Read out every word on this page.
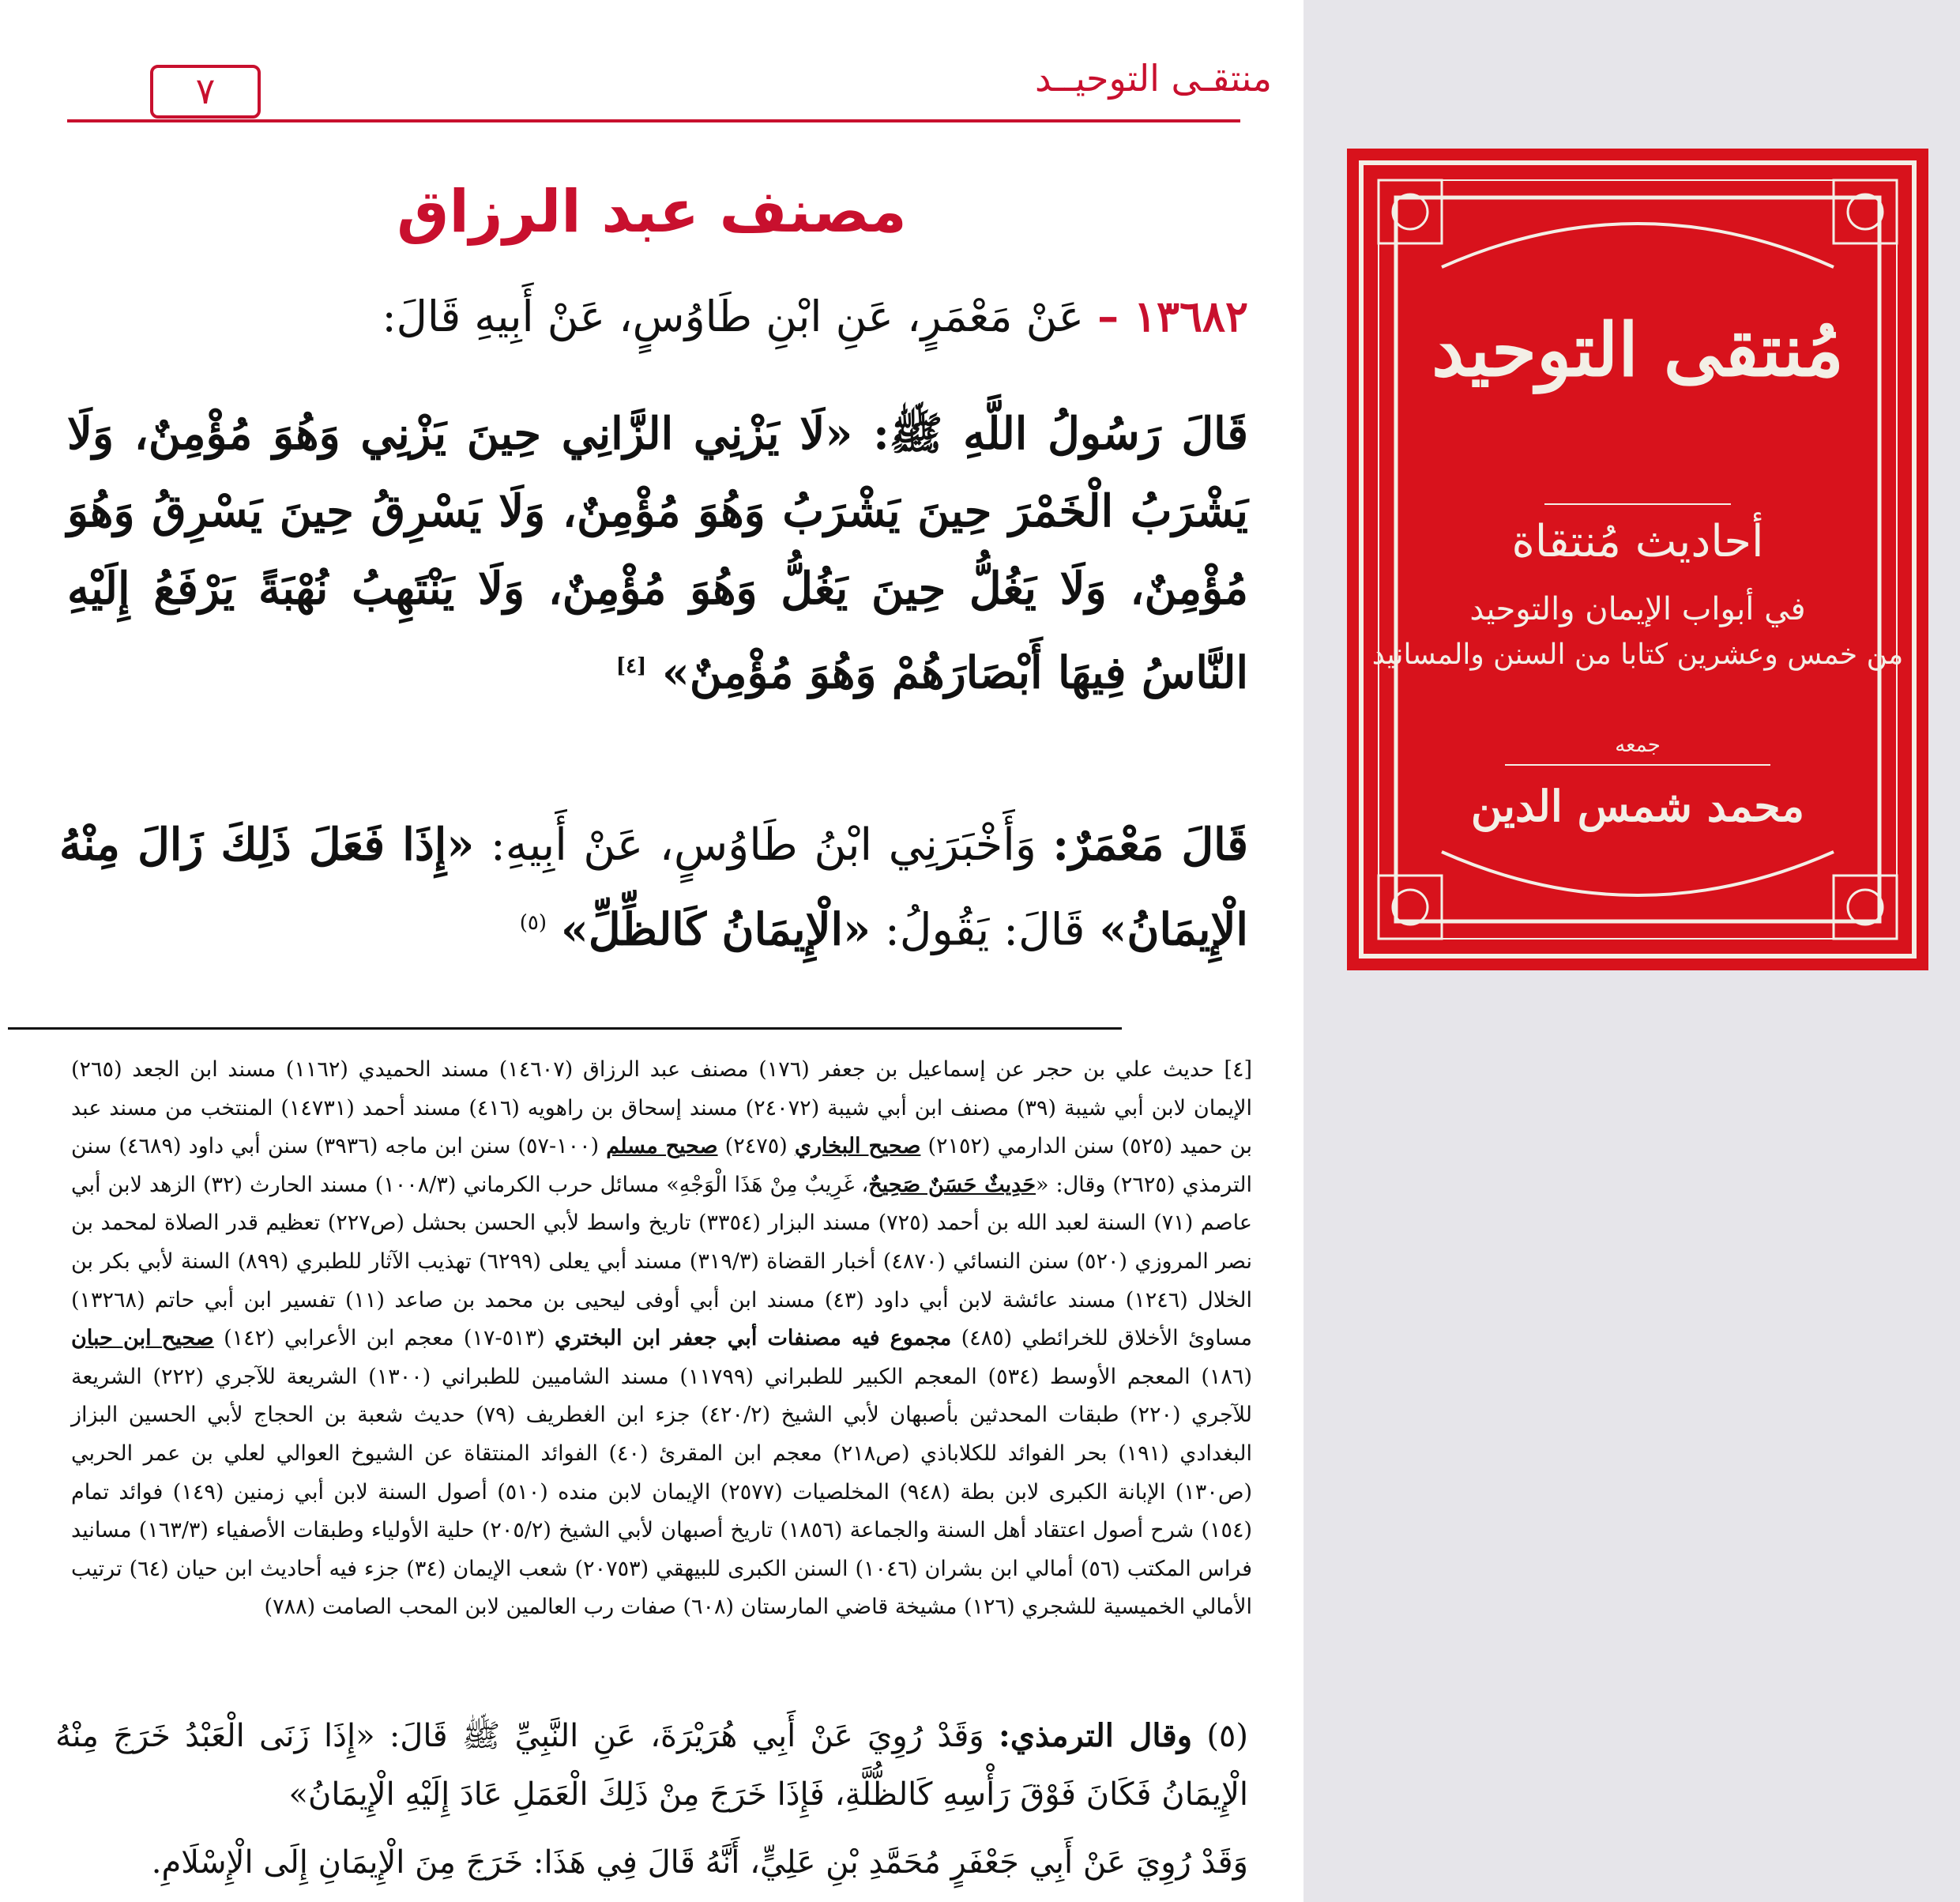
منتقـى التوحيــد
٧
مصنف عبد الرزاق
١٣٦٨٢ – عَنْ مَعْمَرٍ، عَنِ ابْنِ طَاوُسٍ، عَنْ أَبِيهِ قَالَ:
قَالَ رَسُولُ اللَّهِ ﷺ: «لَا يَزْنِي الزَّانِي حِينَ يَزْنِي وَهُوَ مُؤْمِنٌ، وَلَا يَشْرَبُ الْخَمْرَ حِينَ يَشْرَبُ وَهُوَ مُؤْمِنٌ، وَلَا يَسْرِقُ حِينَ يَسْرِقُ وَهُوَ مُؤْمِنٌ، وَلَا يَغُلُّ حِينَ يَغُلُّ وَهُوَ مُؤْمِنٌ، وَلَا يَنْتَهِبُ نُهْبَةً يَرْفَعُ إِلَيْهِ النَّاسُ فِيهَا أَبْصَارَهُمْ وَهُوَ مُؤْمِنٌ» [٤]
قَالَ مَعْمَرٌ: وَأَخْبَرَنِي ابْنُ طَاوُسٍ، عَنْ أَبِيهِ: «إِذَا فَعَلَ ذَلِكَ زَالَ مِنْهُ الْإِيمَانُ» قَالَ: يَقُولُ: «الْإِيمَانُ كَالظِّلِّ» $^{(٥)}$
[٤] حديث علي بن حجر عن إسماعيل بن جعفر (١٧٦) مصنف عبد الرزاق (١٤٦٠٧) مسند الحميدي (١١٦٢) مسند ابن الجعد (٢٦٥) الإيمان لابن أبي شيبة (٣٩) مصنف ابن أبي شيبة (٢٤٠٧٢) مسند إسحاق بن راهويه (٤١٦) مسند أحمد (١٤٧٣١) المنتخب من مسند عبد بن حميد (٥٢٥) سنن الدارمي (٢١٥٢) صحيح البخاري (٢٤٧٥) صحيح مسلم (١٠٠-٥٧) سنن ابن ماجه (٣٩٣٦) سنن أبي داود (٤٦٨٩) سنن الترمذي (٢٦٢٥) وقال: «حَدِيثٌ حَسَنٌ صَحِيحٌ، غَرِيبٌ مِنْ هَذَا الْوَجْهِ» مسائل حرب الكرماني (١٠٠٨/٣) مسند الحارث (٣٢) الزهد لابن أبي عاصم (٧١) السنة لعبد الله بن أحمد (٧٢٥) مسند البزار (٣٣٥٤) تاريخ واسط لأبي الحسن بحشل (ص٢٢٧) تعظيم قدر الصلاة لمحمد بن نصر المروزي (٥٢٠) سنن النسائي (٤٨٧٠) أخبار القضاة (٣١٩/٣) مسند أبي يعلى (٦٢٩٩) تهذيب الآثار للطبري (٨٩٩) السنة لأبي بكر بن الخلال (١٢٤٦) مسند عائشة لابن أبي داود (٤٣) مسند ابن أبي أوفى ليحيى بن محمد بن صاعد (١١) تفسير ابن أبي حاتم (١٣٢٦٨) مساوئ الأخلاق للخرائطي (٤٨٥) مجموع فيه مصنفات أبي جعفر ابن البختري (٥١٣-١٧) معجم ابن الأعرابي (١٤٢) صحيح ابن حبان (١٨٦) المعجم الأوسط (٥٣٤) المعجم الكبير للطبراني (١١٧٩٩) مسند الشاميين للطبراني (١٣٠٠) الشريعة للآجري (٢٢٢) الشريعة للآجري (٢٢٠) طبقات المحدثين بأصبهان لأبي الشيخ (٤٢٠/٢) جزء ابن الغطريف (٧٩) حديث شعبة بن الحجاج لأبي الحسين البزاز البغدادي (١٩١) بحر الفوائد للكلاباذي (ص٢١٨) معجم ابن المقرئ (٤٠) الفوائد المنتقاة عن الشيوخ العوالي لعلي بن عمر الحربي (ص١٣٠) الإبانة الكبرى لابن بطة (٩٤٨) المخلصيات (٢٥٧٧) الإيمان لابن منده (٥١٠) أصول السنة لابن أبي زمنين (١٤٩) فوائد تمام (١٥٤) شرح أصول اعتقاد أهل السنة والجماعة (١٨٥٦) تاريخ أصبهان لأبي الشيخ (٢٠٥/٢) حلية الأولياء وطبقات الأصفياء (١٦٣/٣) مسانيد فراس المكتب (٥٦) أمالي ابن بشران (١٠٤٦) السنن الكبرى للبيهقي (٢٠٧٥٣) شعب الإيمان (٣٤) جزء فيه أحاديث ابن حيان (٦٤) ترتيب الأمالي الخميسية للشجري (١٢٦) مشيخة قاضي المارستان (٦٠٨) صفات رب العالمين لابن المحب الصامت (٧٨٨)
(٥) وقال الترمذي: وَقَدْ رُوِيَ عَنْ أَبِي هُرَيْرَةَ، عَنِ النَّبِيِّ ﷺ قَالَ: «إِذَا زَنَى الْعَبْدُ خَرَجَ مِنْهُ الْإِيمَانُ فَكَانَ فَوْقَ رَأْسِهِ كَالظُّلَّةِ، فَإِذَا خَرَجَ مِنْ ذَلِكَ الْعَمَلِ عَادَ إِلَيْهِ الْإِيمَانُ»
وَقَدْ رُوِيَ عَنْ أَبِي جَعْفَرٍ مُحَمَّدِ بْنِ عَلِيٍّ، أَنَّهُ قَالَ فِي هَذَا: خَرَجَ مِنَ الْإِيمَانِ إِلَى الْإِسْلَامِ.
مُنتقى التوحيد
أحاديث مُنتقاة
في أبواب الإيمان والتوحيد
من خمس وعشرين كتابا من السنن والمسانيد
جمعه
محمد شمس الدين
